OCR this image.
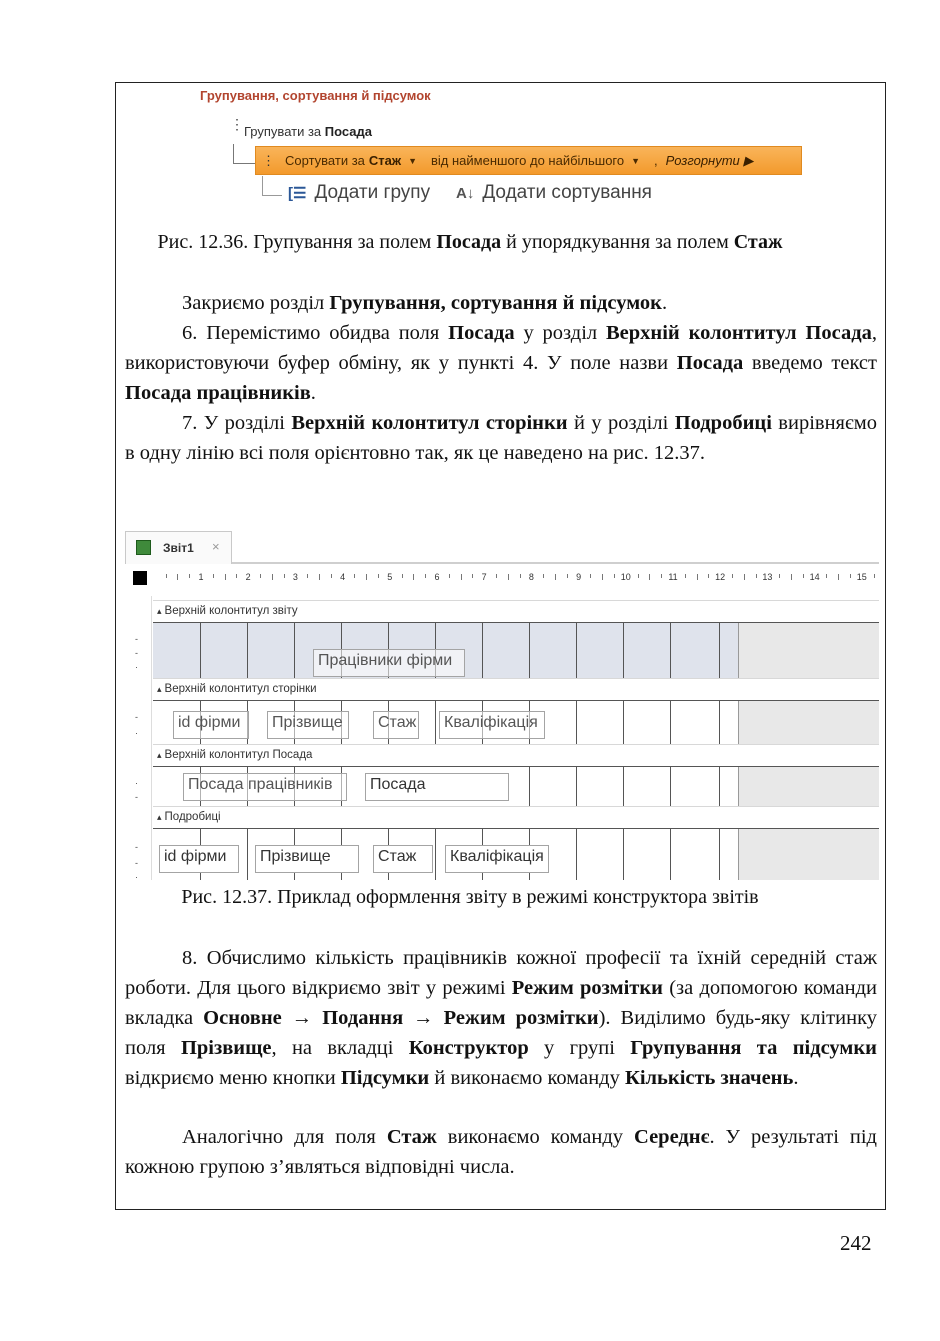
Групування, сортування й підсумок
⋮ Групувати за Посада
⋮ Сортувати за Стаж ▼ від найменшого до найбільшого ▼ , Розгорнути ▶
[☰ Додати групу A↓ Додати сортування
Рис. 12.36. Групування за полем Посада й упорядкування за полем Стаж
Закриємо розділ Групування, сортування й підсумок.
6. Перемістимо обидва поля Посада у розділ Верхній колонтитул Посада, використовуючи буфер обміну, як у пункті 4. У поле назви Посада введемо текст Посада працівників.
7. У розділі Верхній колонтитул сторінки й у розділі Подробиці вирівняємо в одну лінію всі поля орієнтовно так, як це наведено на рис. 12.37.
Звіт1 ×
1	2	3	4	5	6	7	8	9	10	11	12	13	14	15
-
-
·
-
·
·
-
-
-
·
▴ Верхній колонтитул звіту
Працівники фірми
▴ Верхній колонтитул сторінки
id фірми	Прізвище	Стаж	Кваліфікація
▴ Верхній колонтитул Посада
Посада працівників	Посада
▴ Подробиці
id фірми	Прізвище	Стаж	Кваліфікація
Рис. 12.37. Приклад оформлення звіту в режимі конструктора звітів
8. Обчислимо кількість працівників кожної професії та їхній середній стаж роботи. Для цього відкриємо звіт у режимі Режим розмітки (за допомогою команди вкладка Основне → Подання → Режим розмітки). Виділимо будь-яку клітинку поля Прізвище, на вкладці Конструктор у групі Групування та підсумки відкриємо меню кнопки Підсумки й виконаємо команду Кількість значень.
Аналогічно для поля Стаж виконаємо команду Середнє. У результаті під кожною групою з’являться відповідні числа.
242
